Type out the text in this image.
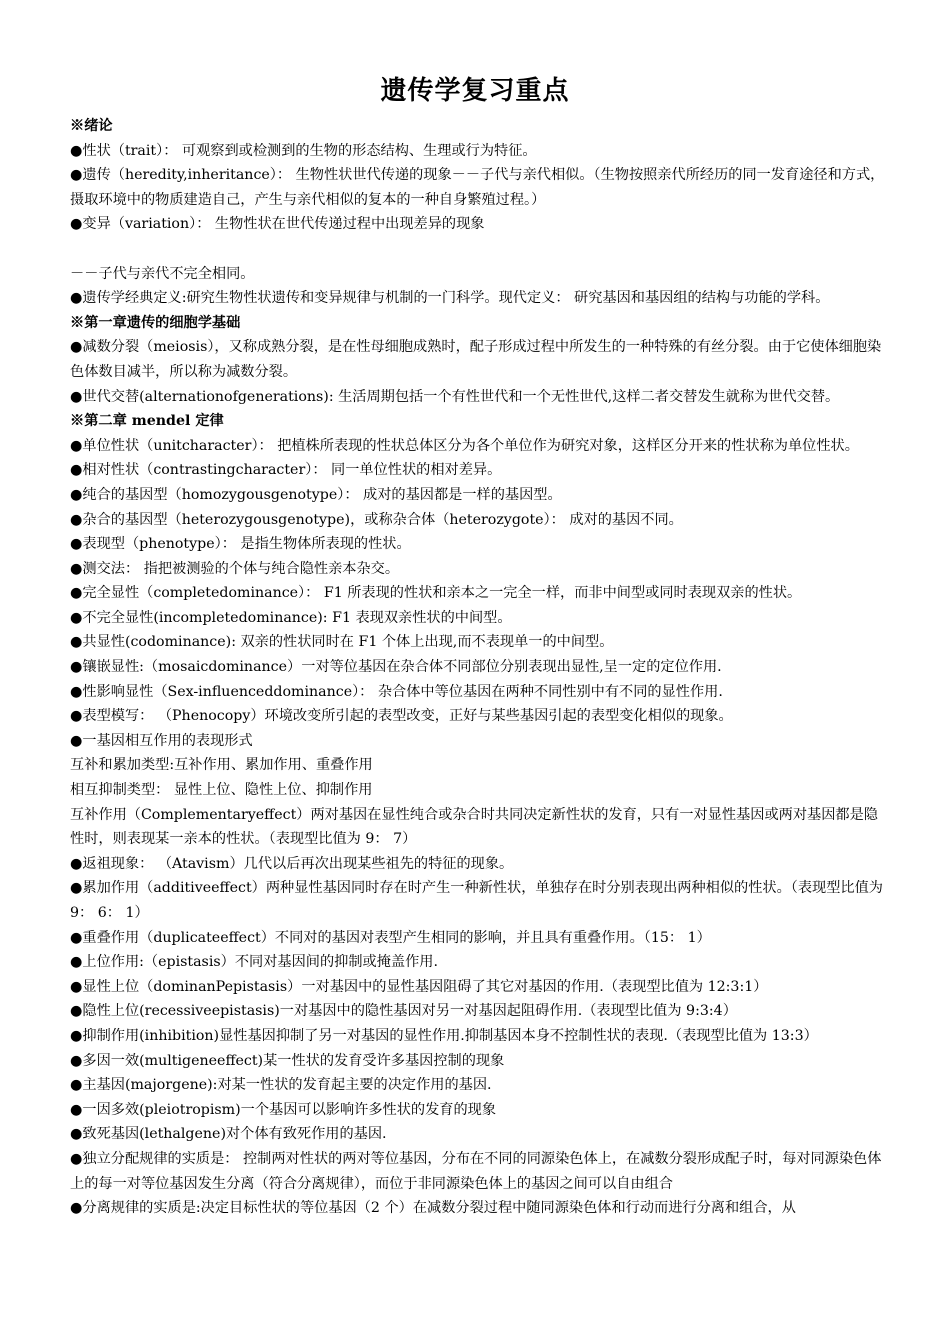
遗传学复习重点

※绪论

●性状（trait）： 可观察到或检测到的生物的形态结构、生理或行为特征。

●遗传（heredity,inheritance）： 生物性状世代传递的现象－－子代与亲代相似。（生物按照亲代所经历的同一发育途径和方式，摄取环境中的物质建造自己，产生与亲代相似的复本的一种自身繁殖过程。）

●变异（variation）： 生物性状在世代传递过程中出现差异的现象

－－子代与亲代不完全相同。

●遗传学经典定义:研究生物性状遗传和变异规律与机制的一门科学。现代定义： 研究基因和基因组的结构与功能的学科。

※第一章遗传的细胞学基础

●减数分裂（meiosis），又称成熟分裂，是在性母细胞成熟时，配子形成过程中所发生的一种特殊的有丝分裂。由于它使体细胞染色体数目减半，所以称为减数分裂。

●世代交替(alternationofgenerations): 生活周期包括一个有性世代和一个无性世代,这样二者交替发生就称为世代交替。

※第二章 mendel 定律

●单位性状（unitcharacter）： 把植株所表现的性状总体区分为各个单位作为研究对象，这样区分开来的性状称为单位性状。

●相对性状（contrastingcharacter）： 同一单位性状的相对差异。

●纯合的基因型（homozygousgenotype）： 成对的基因都是一样的基因型。

●杂合的基因型（heterozygousgenotype)，或称杂合体（heterozygote）： 成对的基因不同。

●表现型（phenotype）： 是指生物体所表现的性状。

●测交法： 指把被测验的个体与纯合隐性亲本杂交。

●完全显性（completedominance）： F1 所表现的性状和亲本之一完全一样，而非中间型或同时表现双亲的性状。

●不完全显性(incompletedominance): F1 表现双亲性状的中间型。

●共显性(codominance): 双亲的性状同时在 F1 个体上出现,而不表现单一的中间型。

●镶嵌显性:（mosaicdominance）一对等位基因在杂合体不同部位分别表现出显性,呈一定的定位作用.

●性影响显性（Sex-influenceddominance）： 杂合体中等位基因在两种不同性别中有不同的显性作用.

●表型模写： （Phenocopy）环境改变所引起的表型改变，正好与某些基因引起的表型变化相似的现象。

●一基因相互作用的表现形式

互补和累加类型:互补作用、累加作用、重叠作用

相互抑制类型： 显性上位、隐性上位、抑制作用

互补作用（Complementaryeffect）两对基因在显性纯合或杂合时共同决定新性状的发育，只有一对显性基因或两对基因都是隐性时，则表现某一亲本的性状。（表现型比值为 9： 7）

●返祖现象： （Atavism）几代以后再次出现某些祖先的特征的现象。

●累加作用（additiveeffect）两种显性基因同时存在时产生一种新性状，单独存在时分别表现出两种相似的性状。（表现型比值为 9： 6： 1）

●重叠作用（duplicateeffect）不同对的基因对表型产生相同的影响，并且具有重叠作用。（15： 1）

●上位作用:（epistasis）不同对基因间的抑制或掩盖作用.

●显性上位（dominanPepistasis）一对基因中的显性基因阻碍了其它对基因的作用.（表现型比值为 12:3:1）

●隐性上位(recessiveepistasis)一对基因中的隐性基因对另一对基因起阻碍作用.（表现型比值为 9:3:4）

●抑制作用(inhibition)显性基因抑制了另一对基因的显性作用.抑制基因本身不控制性状的表现.（表现型比值为 13:3）

●多因一效(multigeneeffect)某一性状的发育受许多基因控制的现象

●主基因(majorgene):对某一性状的发育起主要的决定作用的基因.

●一因多效(pleiotropism)一个基因可以影响许多性状的发育的现象

●致死基因(lethalgene)对个体有致死作用的基因.

●独立分配规律的实质是： 控制两对性状的两对等位基因，分布在不同的同源染色体上，在减数分裂形成配子时，每对同源染色体上的每一对等位基因发生分离（符合分离规律），而位于非同源染色体上的基因之间可以自由组合

●分离规律的实质是:决定目标性状的等位基因（2 个）在减数分裂过程中随同源染色体和行动而进行分离和组合，从
